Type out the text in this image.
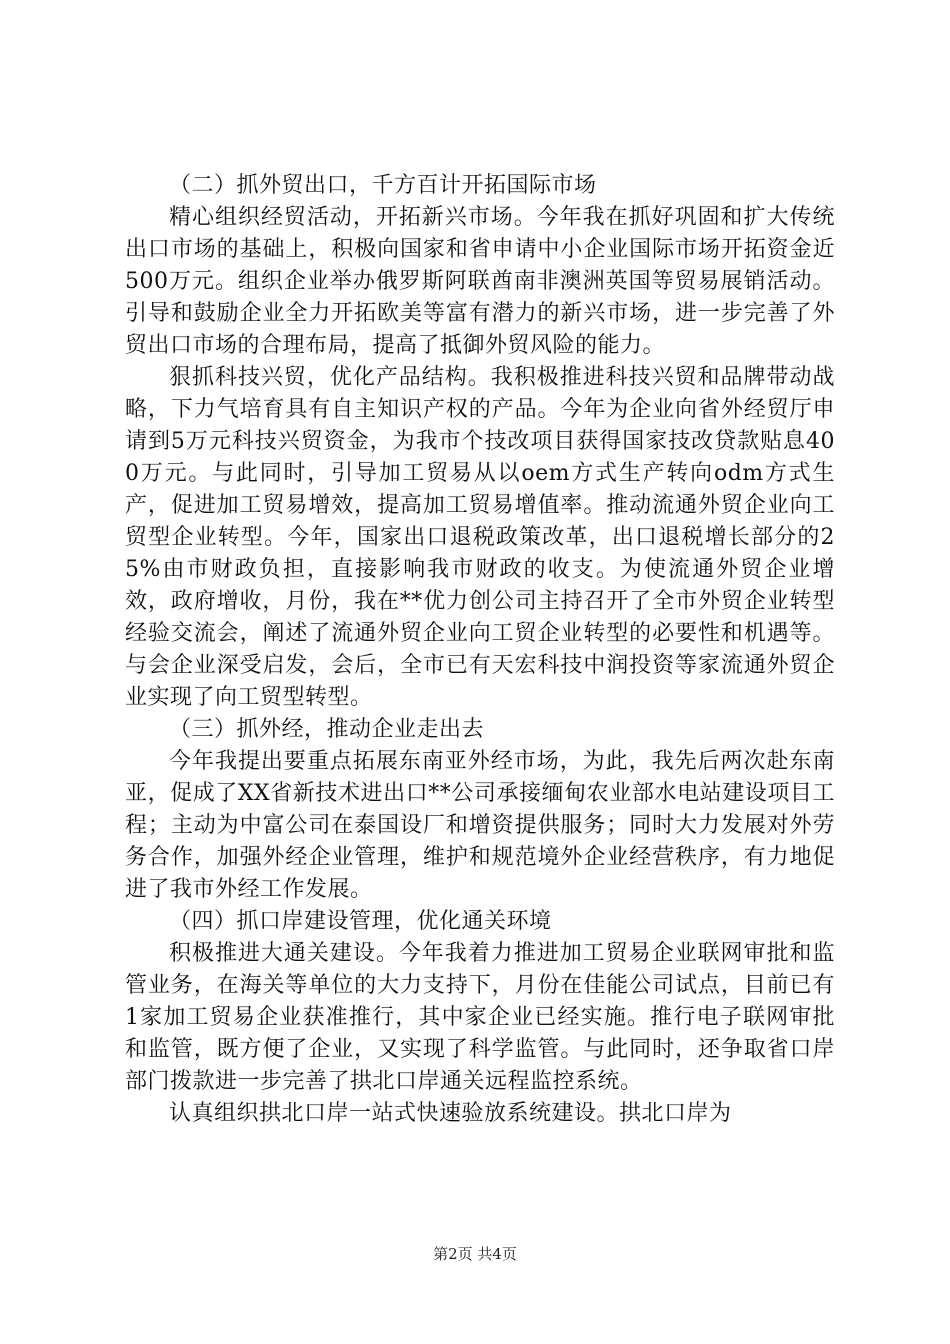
（二）抓外贸出口，千方百计开拓国际市场

精心组织经贸活动，开拓新兴市场。今年我在抓好巩固和扩大传统出口市场的基础上，积极向国家和省申请中小企业国际市场开拓资金近500万元。组织企业举办俄罗斯阿联酋南非澳洲英国等贸易展销活动。引导和鼓励企业全力开拓欧美等富有潜力的新兴市场，进一步完善了外贸出口市场的合理布局，提高了抵御外贸风险的能力。

狠抓科技兴贸，优化产品结构。我积极推进科技兴贸和品牌带动战略，下力气培育具有自主知识产权的产品。今年为企业向省外经贸厅申请到5万元科技兴贸资金，为我市个技改项目获得国家技改贷款贴息400万元。与此同时，引导加工贸易从以oem方式生产转向odm方式生产，促进加工贸易增效，提高加工贸易增值率。推动流通外贸企业向工贸型企业转型。今年，国家出口退税政策改革，出口退税增长部分的25%由市财政负担，直接影响我市财政的收支。为使流通外贸企业增效，政府增收，月份，我在**优力创公司主持召开了全市外贸企业转型经验交流会，阐述了流通外贸企业向工贸企业转型的必要性和机遇等。与会企业深受启发，会后，全市已有天宏科技中润投资等家流通外贸企业实现了向工贸型转型。

（三）抓外经，推动企业走出去

今年我提出要重点拓展东南亚外经市场，为此，我先后两次赴东南亚，促成了XX省新技术进出口**公司承接缅甸农业部水电站建设项目工程；主动为中富公司在泰国设厂和增资提供服务；同时大力发展对外劳务合作，加强外经企业管理，维护和规范境外企业经营秩序，有力地促进了我市外经工作发展。

（四）抓口岸建设管理，优化通关环境

积极推进大通关建设。今年我着力推进加工贸易企业联网审批和监管业务，在海关等单位的大力支持下，月份在佳能公司试点，目前已有1家加工贸易企业获准推行，其中家企业已经实施。推行电子联网审批和监管，既方便了企业，又实现了科学监管。与此同时，还争取省口岸部门拨款进一步完善了拱北口岸通关远程监控系统。

认真组织拱北口岸一站式快速验放系统建设。拱北口岸为

第2页 共4页
